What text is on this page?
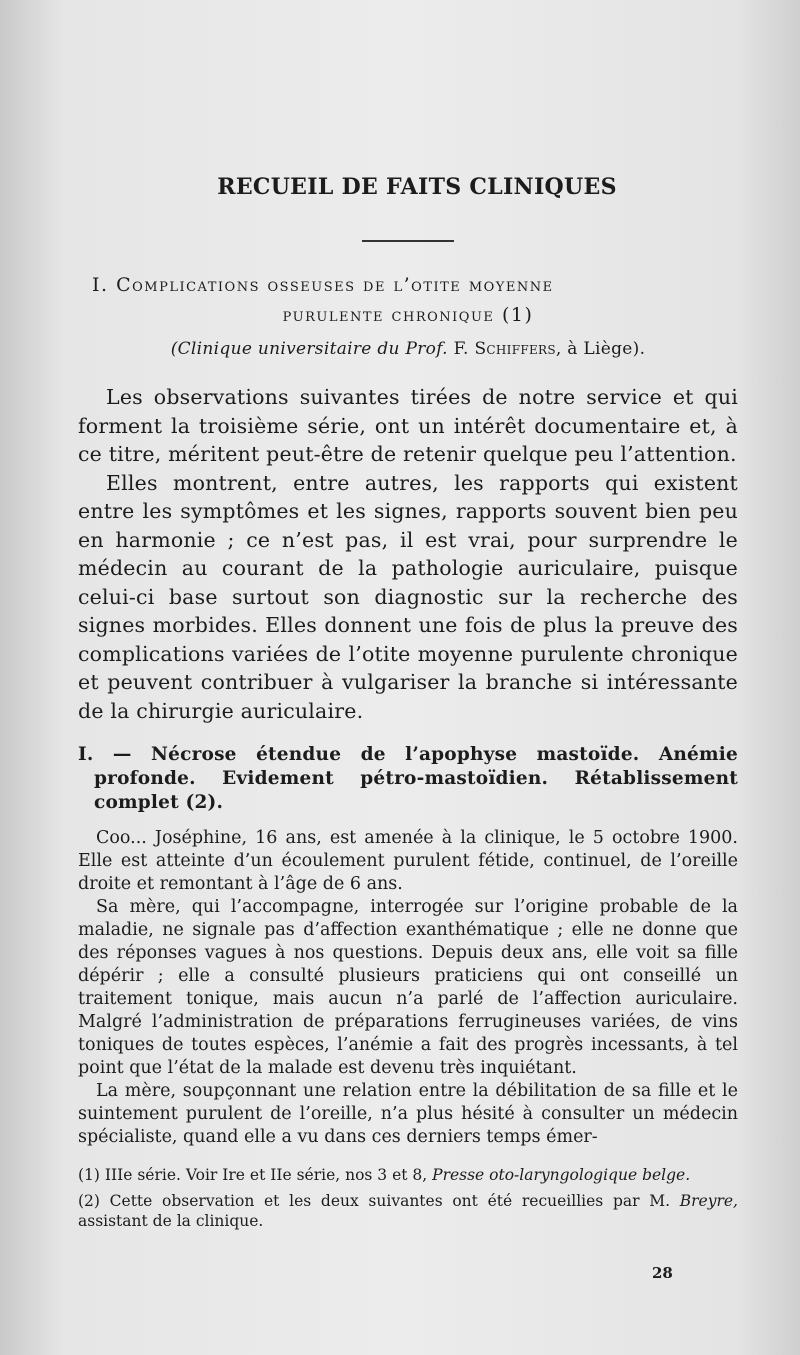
RECUEIL DE FAITS CLINIQUES
I. Complications osseuses de l’otite moyenne
purulente chronique (1)
(Clinique universitaire du Prof. F. Schiffers, à Liège).

Les observations suivantes tirées de notre service et qui forment la troisième série, ont un intérêt documentaire et, à ce titre, méritent peut-être de retenir quelque peu l’attention.

Elles montrent, entre autres, les rapports qui existent entre les symptômes et les signes, rapports souvent bien peu en harmonie ; ce n’est pas, il est vrai, pour surprendre le médecin au courant de la pathologie auriculaire, puisque celui-ci base surtout son diagnostic sur la recherche des signes morbides. Elles donnent une fois de plus la preuve des complications variées de l’otite moyenne purulente chronique et peuvent contribuer à vulgariser la branche si intéressante de la chirurgie auriculaire.

I. — Nécrose étendue de l’apophyse mastoïde. Anémie profonde. Evidement pétro-mastoïdien. Rétablissement complet (2).

Coo... Joséphine, 16 ans, est amenée à la clinique, le 5 octobre 1900. Elle est atteinte d’un écoulement purulent fétide, continuel, de l’oreille droite et remontant à l’âge de 6 ans.

Sa mère, qui l’accompagne, interrogée sur l’origine probable de la maladie, ne signale pas d’affection exanthématique ; elle ne donne que des réponses vagues à nos questions. Depuis deux ans, elle voit sa fille dépérir ; elle a consulté plusieurs praticiens qui ont conseillé un traitement tonique, mais aucun n’a parlé de l’affection auriculaire. Malgré l’administration de préparations ferrugineuses variées, de vins toniques de toutes espèces, l’anémie a fait des progrès incessants, à tel point que l’état de la malade est devenu très inquiétant.

La mère, soupçonnant une relation entre la débilitation de sa fille et le suintement purulent de l’oreille, n’a plus hésité à consulter un médecin spécialiste, quand elle a vu dans ces derniers temps émer-

(1) IIIe série. Voir Ire et IIe série, nos 3 et 8, Presse oto-laryngologique belge.

(2) Cette observation et les deux suivantes ont été recueillies par M. Breyre, assistant de la clinique.

28
